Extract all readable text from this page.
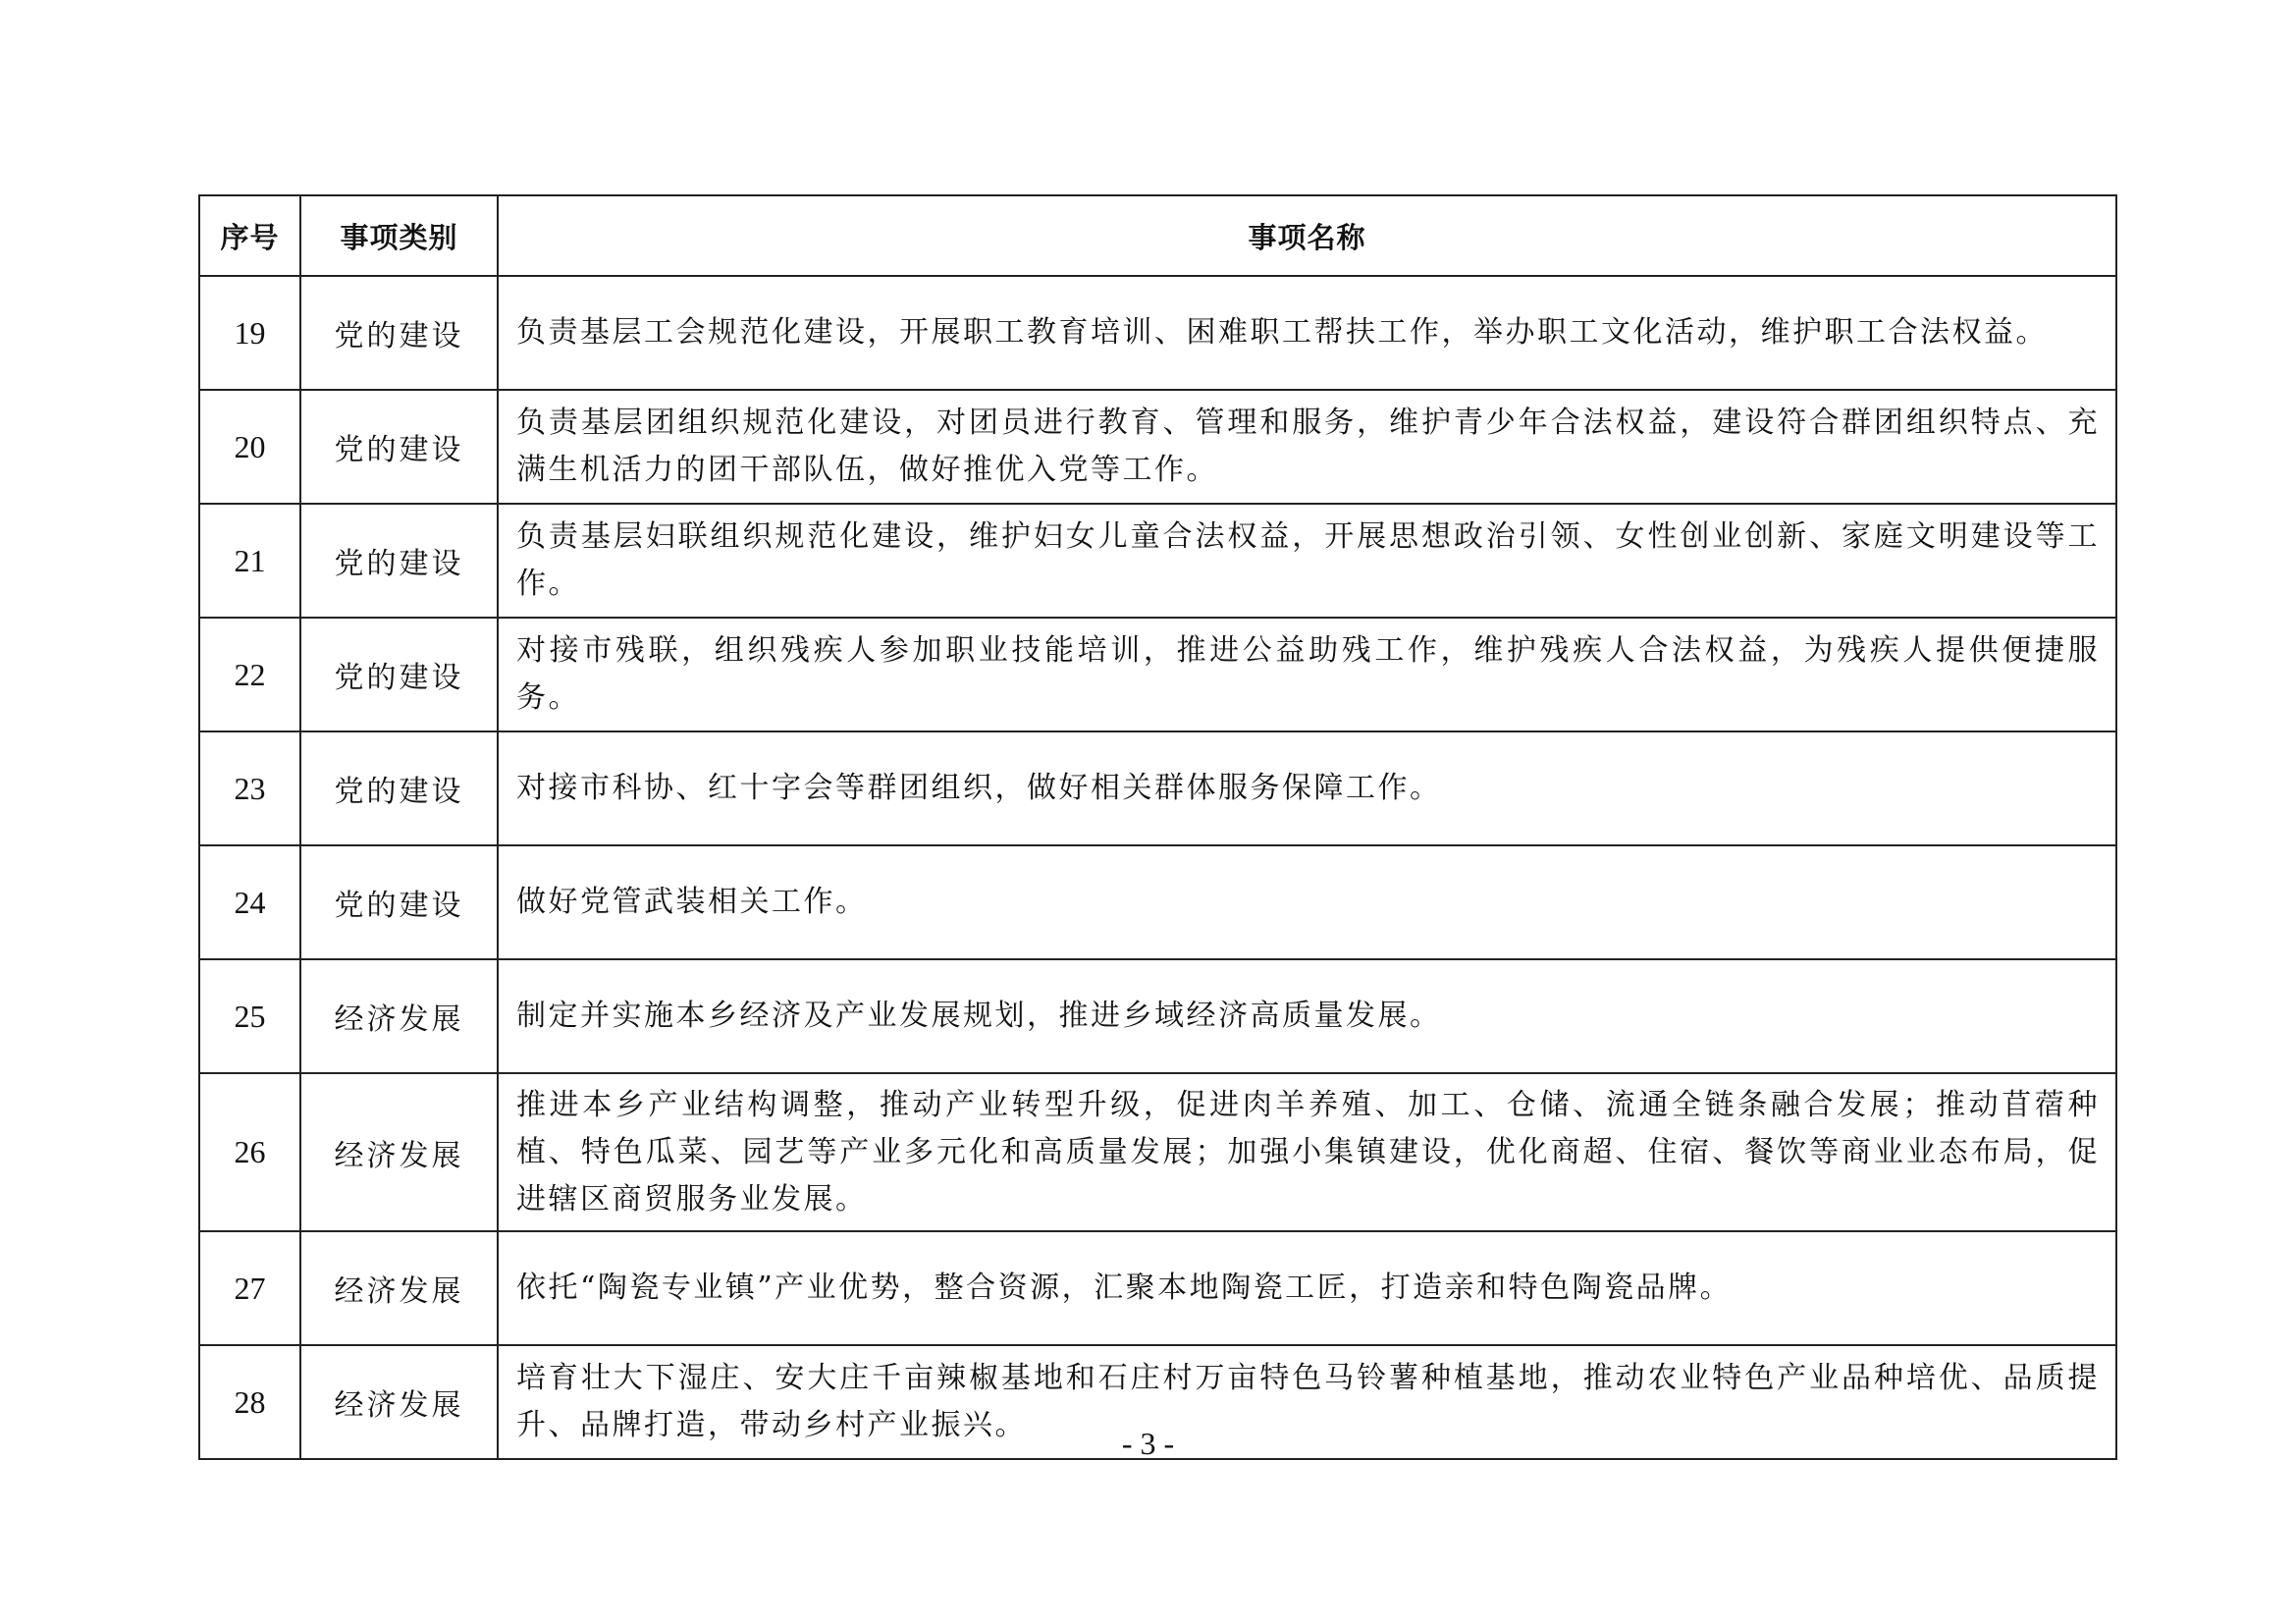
序号	事项类别	事项名称
19	党的建设	负责基层工会规范化建设，开展职工教育培训、困难职工帮扶工作，举办职工文化活动，维护职工合法权益。
20	党的建设	负责基层团组织规范化建设，对团员进行教育、管理和服务，维护青少年合法权益，建设符合群团组织特点、充满生机活力的团干部队伍，做好推优入党等工作。
21	党的建设	负责基层妇联组织规范化建设，维护妇女儿童合法权益，开展思想政治引领、女性创业创新、家庭文明建设等工作。
22	党的建设	对接市残联，组织残疾人参加职业技能培训，推进公益助残工作，维护残疾人合法权益，为残疾人提供便捷服务。
23	党的建设	对接市科协、红十字会等群团组织，做好相关群体服务保障工作。
24	党的建设	做好党管武装相关工作。
25	经济发展	制定并实施本乡经济及产业发展规划，推进乡域经济高质量发展。
26	经济发展	推进本乡产业结构调整，推动产业转型升级，促进肉羊养殖、加工、仓储、流通全链条融合发展；推动苜蓿种植、特色瓜菜、园艺等产业多元化和高质量发展；加强小集镇建设，优化商超、住宿、餐饮等商业业态布局，促进辖区商贸服务业发展。
27	经济发展	依托“陶瓷专业镇”产业优势，整合资源，汇聚本地陶瓷工匠，打造亲和特色陶瓷品牌。
28	经济发展	培育壮大下湿庄、安大庄千亩辣椒基地和石庄村万亩特色马铃薯种植基地，推动农业特色产业品种培优、品质提升、品牌打造，带动乡村产业振兴。
- 3 -
